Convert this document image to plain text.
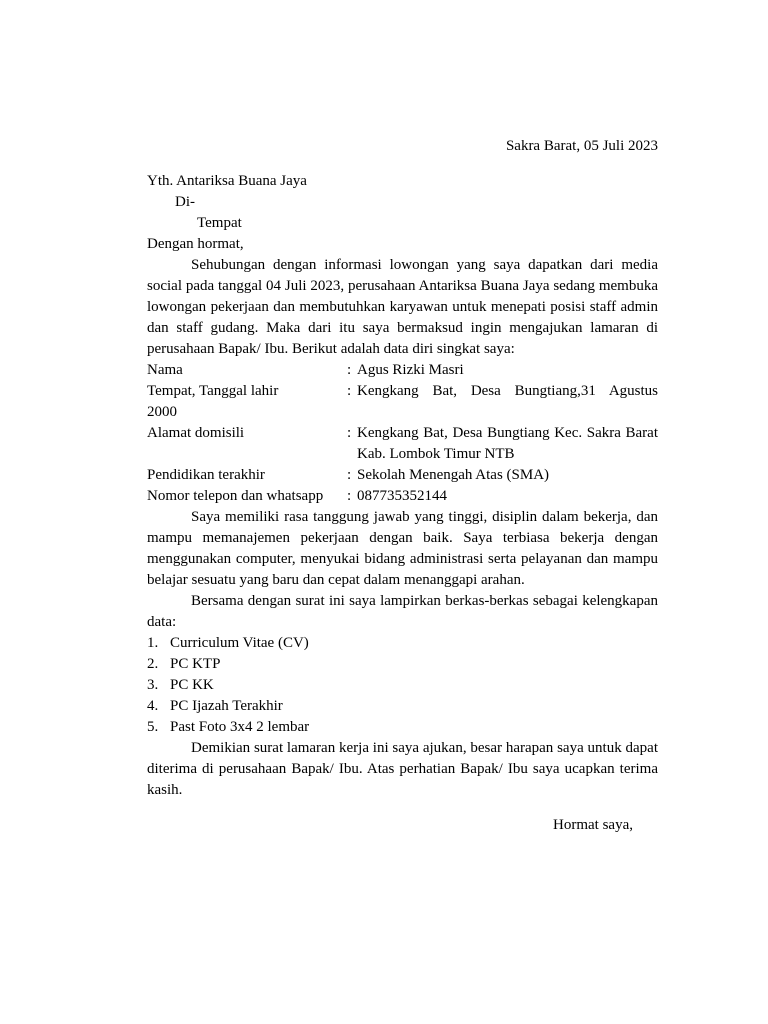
Sakra Barat, 05 Juli 2023
Yth. Antariksa Buana Jaya
Di-
Tempat
Dengan hormat,

Sehubungan dengan informasi lowongan yang saya dapatkan dari media social pada tanggal 04 Juli 2023, perusahaan Antariksa Buana Jaya sedang membuka lowongan pekerjaan dan membutuhkan karyawan untuk menepati posisi staff admin dan staff gudang. Maka dari itu saya bermaksud ingin mengajukan lamaran di perusahaan Bapak/ Ibu. Berikut adalah data diri singkat saya:

Nama	:	Agus Rizki Masri
Tempat, Tanggal lahir	:	Kengkang Bat, Desa Bungtiang,31 Agustus
2000		
Alamat domisili	:	Kengkang Bat, Desa Bungtiang Kec. Sakra Barat Kab. Lombok Timur NTB
Pendidikan terakhir	:	Sekolah Menengah Atas (SMA)
Nomor telepon dan whatsapp	:	087735352144

Saya memiliki rasa tanggung jawab yang tinggi, disiplin dalam bekerja, dan mampu memanajemen pekerjaan dengan baik. Saya terbiasa bekerja dengan menggunakan computer, menyukai bidang administrasi serta pelayanan dan mampu belajar sesuatu yang baru dan cepat dalam menanggapi arahan.

Bersama dengan surat ini saya lampirkan berkas-berkas sebagai kelengkapan data:

1. Curriculum Vitae (CV)
2. PC KTP
3. PC KK
4. PC Ijazah Terakhir
5. Past Foto 3x4 2 lembar

Demikian surat lamaran kerja ini saya ajukan, besar harapan saya untuk dapat diterima di perusahaan Bapak/ Ibu. Atas perhatian Bapak/ Ibu saya ucapkan terima kasih.

Hormat saya,
